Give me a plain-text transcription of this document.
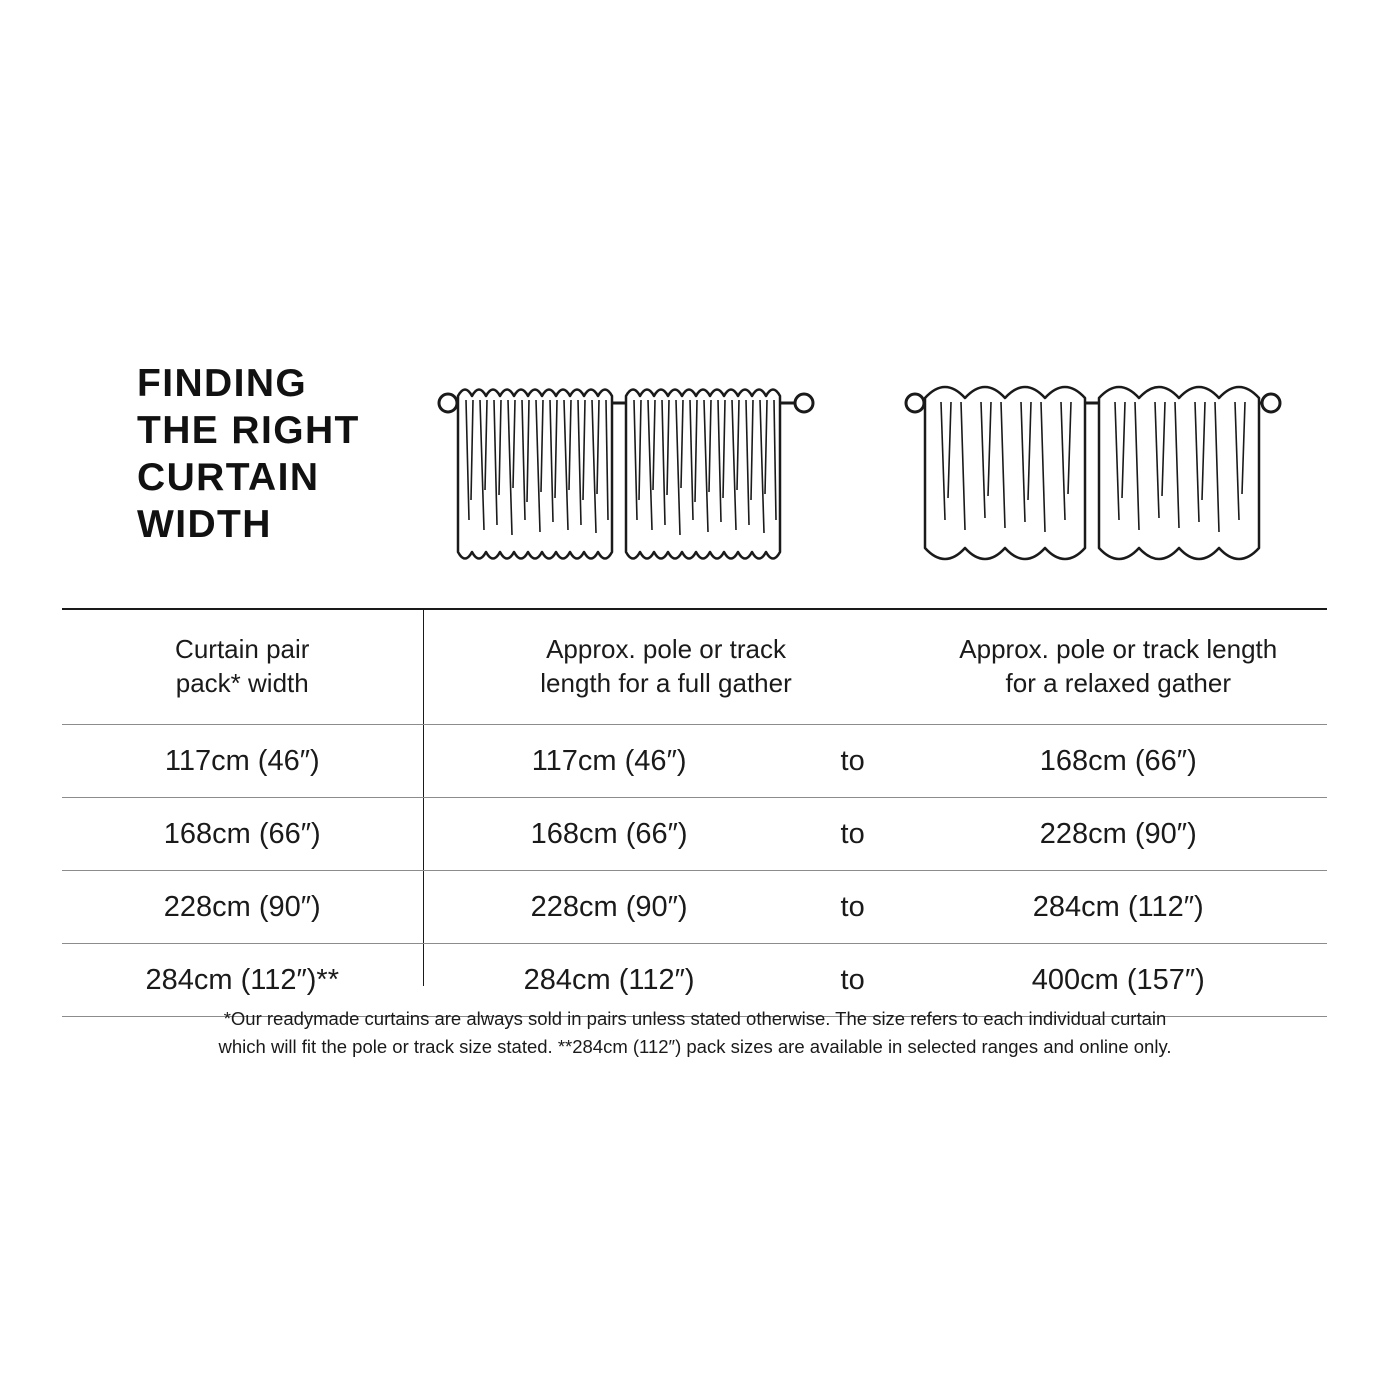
FINDING
THE RIGHT
CURTAIN
WIDTH
Curtain pair
pack* width

Approx. pole or track
length for a full gather

Approx. pole or track length
for a relaxed gather

117cm (46″)	117cm (46″)	to	168cm (66″)
168cm (66″)	168cm (66″)	to	228cm (90″)
228cm (90″)	228cm (90″)	to	284cm (112″)
284cm (112″)**	284cm (112″)	to	400cm (157″)
*Our readymade curtains are always sold in pairs unless stated otherwise. The size refers to each individual curtain
which will fit the pole or track size stated. **284cm (112″) pack sizes are available in selected ranges and online only.
